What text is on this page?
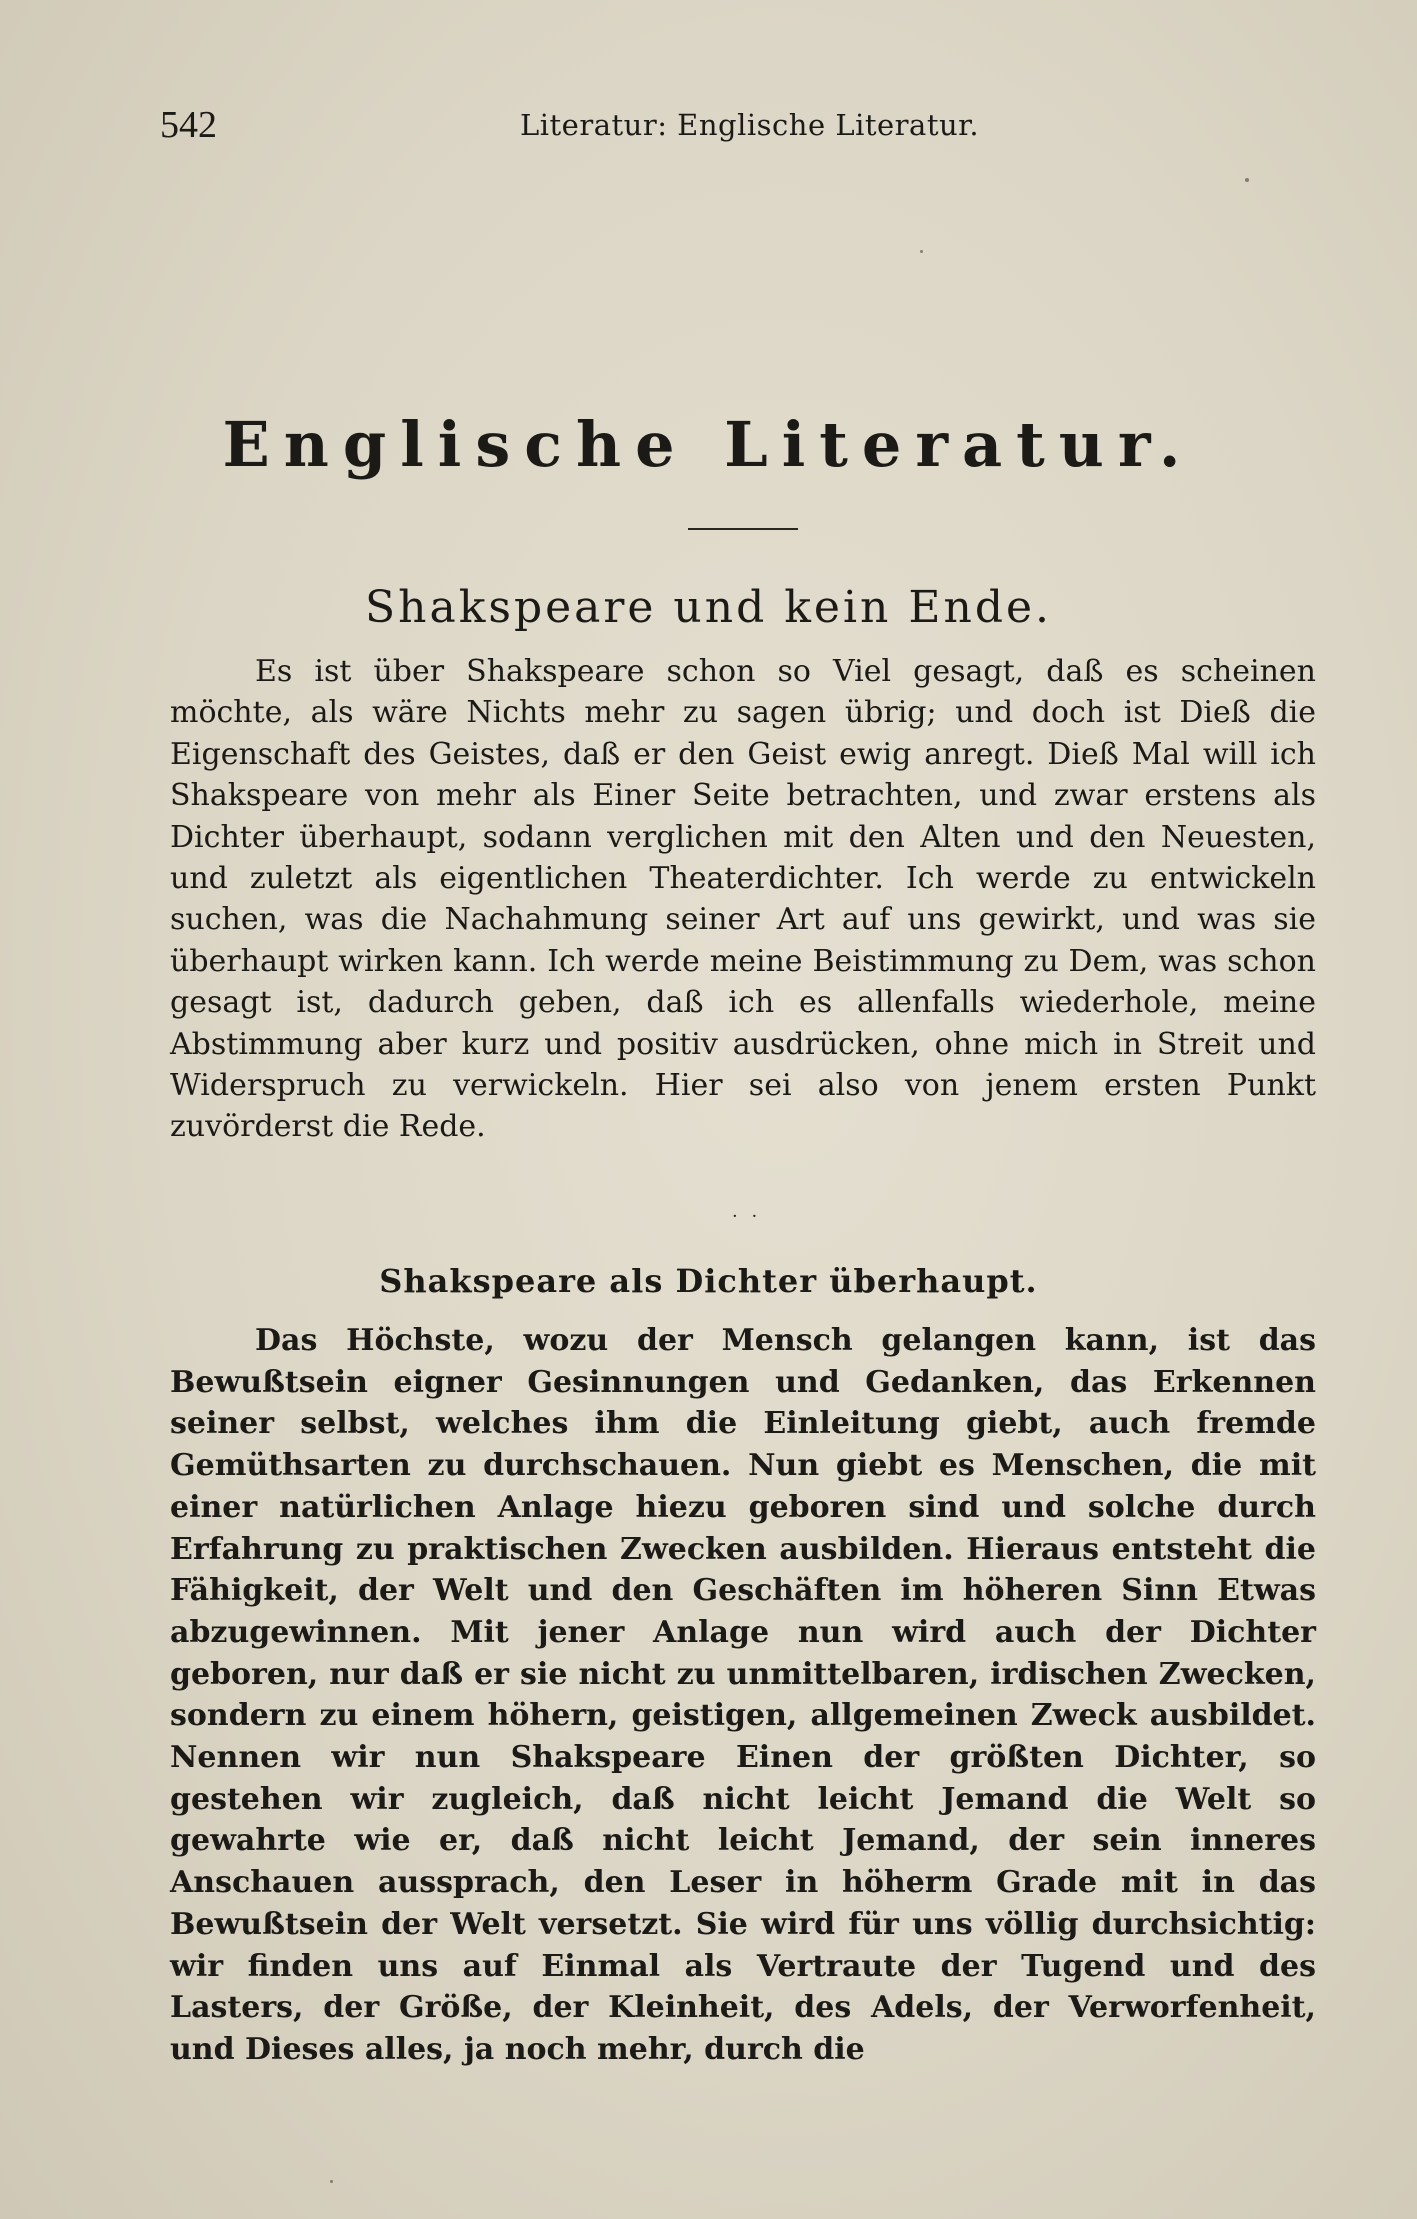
542	Literatur: Englische Literatur.
Englische Literatur.
Shakspeare und kein Ende.

Es ist über Shakspeare schon so Viel gesagt, daß es scheinen möchte, als wäre Nichts mehr zu sagen übrig; und doch ist Dieß die Eigenschaft des Geistes, daß er den Geist ewig anregt. Dieß Mal will ich Shakspeare von mehr als Einer Seite betrachten, und zwar erstens als Dichter überhaupt, sodann verglichen mit den Alten und den Neuesten, und zuletzt als eigentlichen Theaterdichter. Ich werde zu entwickeln suchen, was die Nachahmung seiner Art auf uns gewirkt, und was sie überhaupt wirken kann. Ich werde meine Beistimmung zu Dem, was schon gesagt ist, dadurch geben, daß ich es allenfalls wiederhole, meine Abstimmung aber kurz und positiv ausdrücken, ohne mich in Streit und Widerspruch zu verwickeln. Hier sei also von jenem ersten Punkt zuvörderst die Rede.

· ·
Shakspeare als Dichter überhaupt.

Das Höchste, wozu der Mensch gelangen kann, ist das Bewußtsein eigner Gesinnungen und Gedanken, das Erkennen seiner selbst, welches ihm die Einleitung giebt, auch fremde Gemüthsarten zu durchschauen. Nun giebt es Menschen, die mit einer natürlichen Anlage hiezu geboren sind und solche durch Erfahrung zu praktischen Zwecken ausbilden. Hieraus entsteht die Fähigkeit, der Welt und den Geschäften im höheren Sinn Etwas abzugewinnen. Mit jener Anlage nun wird auch der Dichter geboren, nur daß er sie nicht zu unmittelbaren, irdischen Zwecken, sondern zu einem höhern, geistigen, allgemeinen Zweck ausbildet. Nennen wir nun Shakspeare Einen der größten Dichter, so gestehen wir zugleich, daß nicht leicht Jemand die Welt so gewahrte wie er, daß nicht leicht Jemand, der sein inneres Anschauen aussprach, den Leser in höherm Grade mit in das Bewußtsein der Welt versetzt. Sie wird für uns völlig durchsichtig: wir finden uns auf Einmal als Vertraute der Tugend und des Lasters, der Größe, der Kleinheit, des Adels, der Verworfenheit, und Dieses alles, ja noch mehr, durch die
